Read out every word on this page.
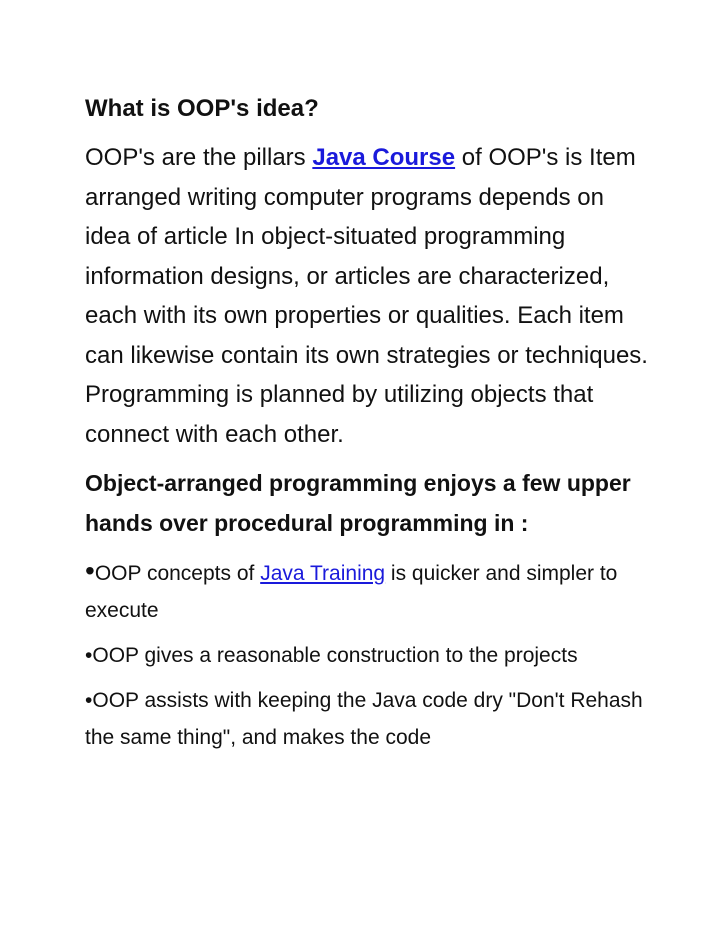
What is OOP's idea?

OOP's are the pillars Java Course of OOP's is Item arranged writing computer programs depends on idea of article In object-situated programming information designs, or articles are characterized, each with its own properties or qualities. Each item can likewise contain its own strategies or techniques. Programming is planned by utilizing objects that connect with each other.

Object-arranged programming enjoys a few upper hands over procedural programming in :

•OOP concepts of Java Training is quicker and simpler to execute

•OOP gives a reasonable construction to the projects

•OOP assists with keeping the Java code dry "Don't Rehash the same thing", and makes the code
